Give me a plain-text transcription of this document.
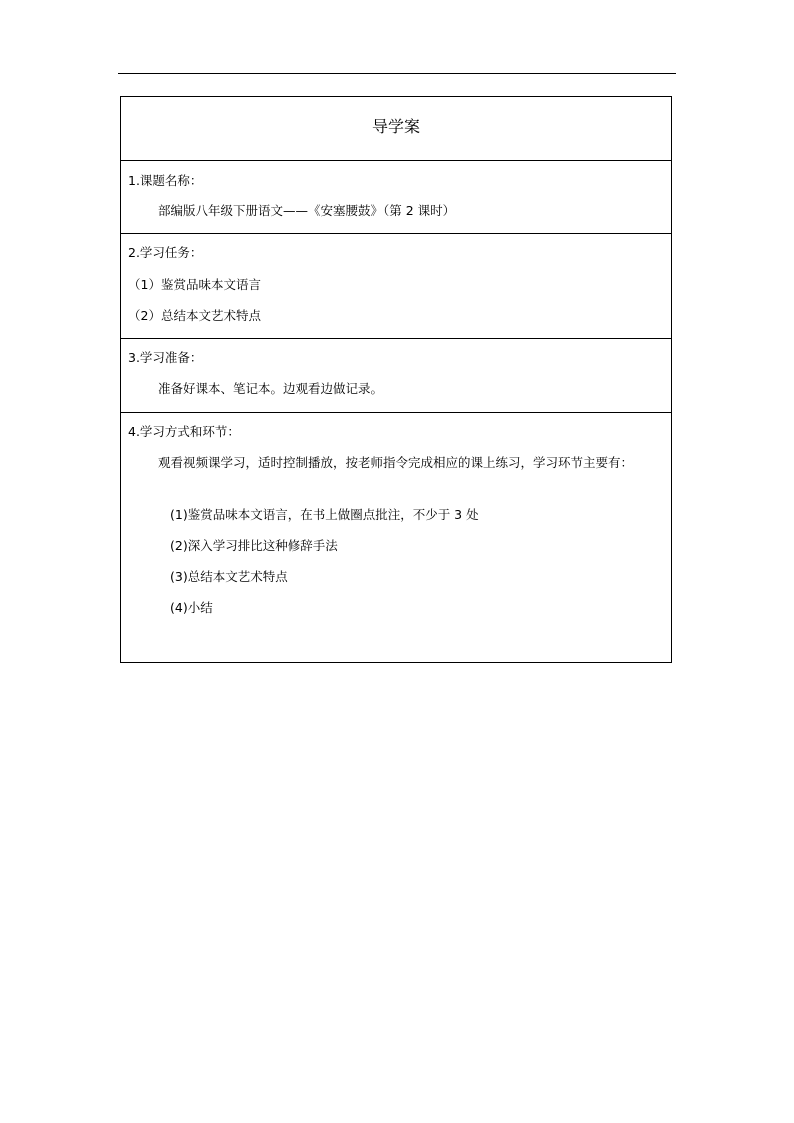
导学案
1.课题名称：
部编版八年级下册语文——《安塞腰鼓》（第 2 课时）
2.学习任务：
（1）鉴赏品味本文语言
（2）总结本文艺术特点
3.学习准备：
准备好课本、笔记本。边观看边做记录。
4.学习方式和环节：
观看视频课学习，适时控制播放，按老师指令完成相应的课上练习，学习环节主要有：
(1)鉴赏品味本文语言，在书上做圈点批注，不少于 3 处
(2)深入学习排比这种修辞手法
(3)总结本文艺术特点
(4)小结
